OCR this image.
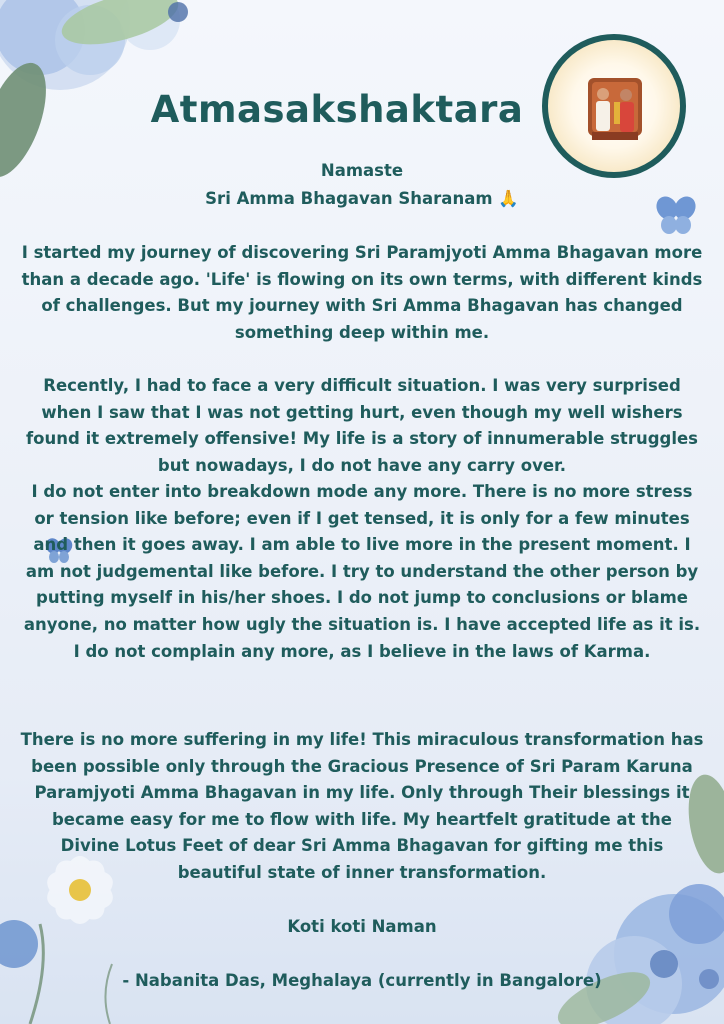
Atmasakshaktara
Namaste
Sri Amma Bhagavan Sharanam 🙏

I started my journey of discovering Sri Paramjyoti Amma Bhagavan more than a decade ago. 'Life' is flowing on its own terms, with different kinds of challenges. But my journey with Sri Amma Bhagavan has changed something deep within me.

Recently, I had to face a very difficult situation. I was very surprised when I saw that I was not getting hurt, even though my well wishers found it extremely offensive! My life is a story of innumerable struggles but nowadays, I do not have any carry over.

I do not enter into breakdown mode any more. There is no more stress or tension like before; even if I get tensed, it is only for a few minutes and then it goes away. I am able to live more in the present moment. I am not judgemental like before. I try to understand the other person by putting myself in his/her shoes. I do not jump to conclusions or blame anyone, no matter how ugly the situation is. I have accepted life as it is. I do not complain any more, as I believe in the laws of Karma.

There is no more suffering in my life! This miraculous transformation has been possible only through the Gracious Presence of Sri Param Karuna Paramjyoti Amma Bhagavan in my life. Only through Their blessings it became easy for me to flow with life. My heartfelt gratitude at the Divine Lotus Feet of dear Sri Amma Bhagavan for gifting me this beautiful state of inner transformation.

Koti koti Naman
- Nabanita Das, Meghalaya (currently in Bangalore)
